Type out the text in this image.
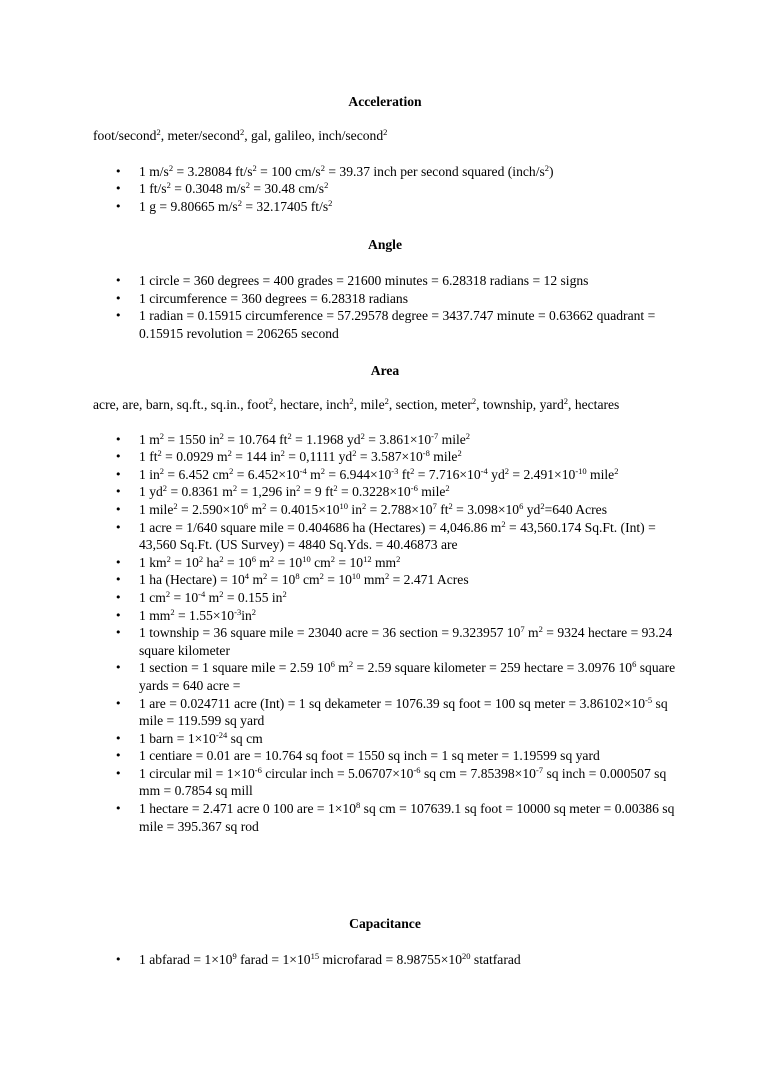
Acceleration

foot/second$^2$, meter/second$^2$, gal, galileo, inch/second$^2$

• 1 $m/s^2 = 3.28084$ $ft/s^2 = 100$ $cm/s^2 = 39.37$ inch per second squared $(inch/s^2)$
• 1 $ft/s^2 = 0.3048$ $m/s^2 = 30.48$ $cm/s^2$
• 1 g = 9.80665 $m/s^2 = 32.17405$ $ft/s^2$
Angle
• 1 circle = 360 degrees = 400 grades = 21600 minutes = 6.28318 radians = 12 signs
• 1 circumference = 360 degrees = 6.28318 radians
• 1 radian = 0.15915 circumference = 57.29578 degree = 3437.747 minute = 0.63662 quadrant = 0.15915 revolution = 206265 second
Area

acre, are, barn, sq.ft., sq.in., foot$^2$, hectare, inch$^2$, mile$^2$, section, meter$^2$, township, yard$^2$, hectares

• 1 $m^2 = 1550$ $in^2 = 10.764$ $ft^2 = 1.1968$ $yd^2 = 3.861\times 10^{-7}$ mile$^2$
• 1 $ft^2 = 0.0929$ $m^2 = 144$ $in^2 = 0,1111$ $yd^2 = 3.587\times 10^{-8}$ mile$^2$
• 1 $in^2 = 6.452$ $cm^2 = 6.452\times 10^{-4}$ $m^2 = 6.944\times 10^{-3}$ $ft^2 = 7.716\times 10^{-4}$ $yd^2 = 2.491\times 10^{-10}$ mile$^2$
• 1 $yd^2 = 0.8361$ $m^2 = 1,296$ $in^2 = 9$ $ft^2 = 0.3228\times 10^{-6}$ mile$^2$
• 1 mile$^2$ = $2.590\times 10^6$ $m^2 = 0.4015\times 10^{10}$ $in^2 = 2.788\times 10^7$ $ft^2 = 3.098\times 10^6$ $yd^2=640$ Acres
• 1 acre = 1/640 square mile = 0.404686 ha (Hectares) = 4,046.86 $m^2 = 43,560.174$ Sq.Ft. (Int) = 43,560 Sq.Ft. (US Survey) = 4840 Sq.Yds. = 40.46873 are
• 1 $km^2 = 10^2$ $ha^2 = 10^6$ $m^2 = 10^{10}$ $cm^2 = 10^{12}$ $mm^2$
• 1 ha (Hectare) = $10^4$ $m^2 = 10^8$ $cm^2 = 10^{10}$ $mm^2 = 2.471$ Acres
• 1 $cm^2 = 10^{-4}$ $m^2 = 0.155$ $in^2$
• 1 $mm^2 = 1.55\times 10^{-3}in^2$
• 1 township = 36 square mile = 23040 acre = 36 section = 9.323957 $10^7$ $m^2 = 9324$ hectare = 93.24 square kilometer
• 1 section = 1 square mile = 2.59 $10^6$ $m^2 = 2.59$ square kilometer = 259 hectare = 3.0976 $10^6$ square yards = 640 acre =
• 1 are = 0.024711 acre (Int) = 1 sq dekameter = 1076.39 sq foot = 100 sq meter = $3.86102\times 10^{-5}$ sq mile = 119.599 sq yard
• 1 barn = $1\times 10^{-24}$ sq cm
• 1 centiare = 0.01 are = 10.764 sq foot = 1550 sq inch = 1 sq meter = 1.19599 sq yard
• 1 circular mil = $1\times 10^{-6}$ circular inch = $5.06707\times 10^{-6}$ sq cm = $7.85398\times 10^{-7}$ sq inch = 0.000507 sq mm = 0.7854 sq mill
• 1 hectare = 2.471 acre 0 100 are = $1\times 10^8$ sq cm = 107639.1 sq foot = 10000 sq meter = 0.00386 sq mile = 395.367 sq rod
Capacitance
• 1 abfarad = $1\times 10^9$ farad = $1\times 10^{15}$ microfarad = $8.98755\times 10^{20}$ statfarad
